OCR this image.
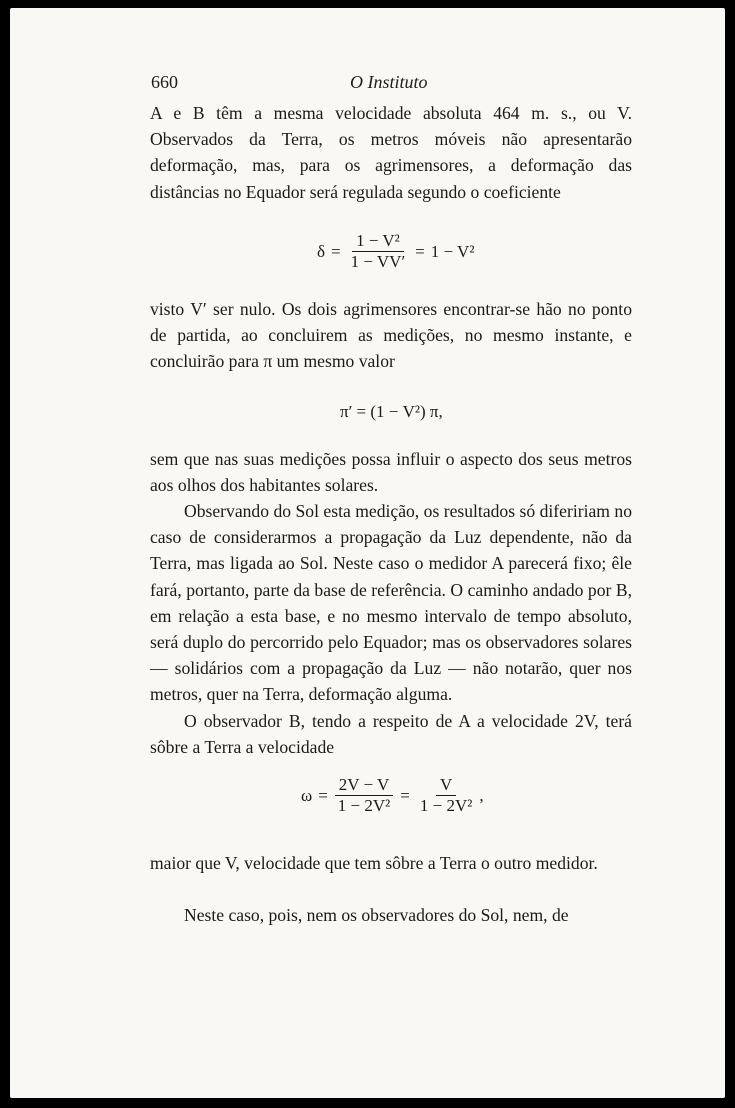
660	O Instituto

A e B têm a mesma velocidade absoluta 464 m. s., ou V. Observados da Terra, os metros móveis não apresentarão deformação, mas, para os agrimensores, a deformação das distâncias no Equador será regulada segundo o coeficiente

$\delta = \frac{\text{1 − V²}}{1 - VV'} = 1 - V^2$

visto V′ ser nulo. Os dois agrimensores encontrar-se hão no ponto de partida, ao concluirem as medições, no mesmo instante, e concluirão para π um mesmo valor

π′ = (1 − V²) π,

sem que nas suas medições possa influir o aspecto dos seus metros aos olhos dos habitantes solares.

Observando do Sol esta medição, os resultados só difeririam no caso de considerarmos a propagação da Luz dependente, não da Terra, mas ligada ao Sol. Neste caso o medidor A parecerá fixo; êle fará, portanto, parte da base de referência. O caminho andado por B, em relação a esta base, e no mesmo intervalo de tempo absoluto, será duplo do percorrido pelo Equador; mas os observadores solares — solidários com a propagação da Luz — não notarão, quer nos metros, quer na Terra, deformação alguma.

O observador B, tendo a respeito de A a velocidade 2V, terá sôbre a Terra a velocidade

$\omega = \frac{2V - V}{\text{1 − 2V²}} = \frac{V}{\text{1 − 2V²}}$ ,

maior que V, velocidade que tem sôbre a Terra o outro medidor.

Neste caso, pois, nem os observadores do Sol, nem, de
